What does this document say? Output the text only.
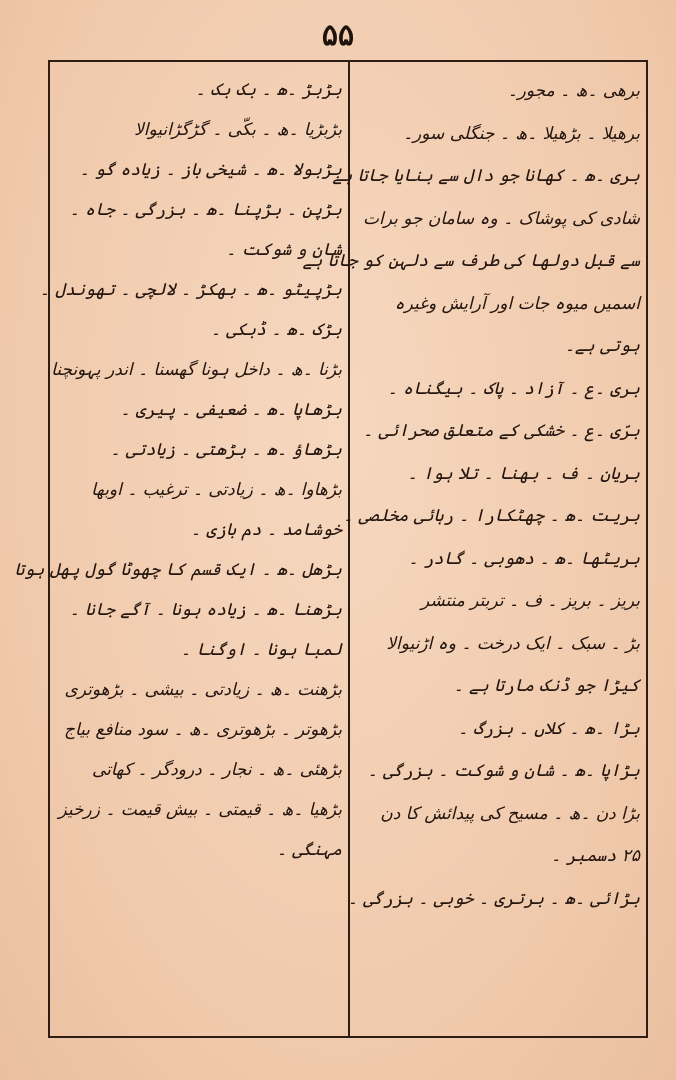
۵۵
برھی ۔ھ ۔ مجور۔
برھیلا ۔ بڑھیلا ۔ھ ۔ جنگلی سور۔
بری ۔ھ ۔ کھانا جو دال سے بنایا جاتا ہے
شادی کی پوشاک ۔ وہ سامان جو برات
سے قبل دولھا کی طرف سے دلہن کو جاتا ہے
اسمیں میوہ جات اور آرایش وغیرہ
ہوتی ہے۔
بری ۔ع ۔ آزاد ۔ پاک ۔ بیگناہ ۔
برّی ۔ع ۔ خشکی کے متعلق صحرائی ۔
بریان ۔ ف ۔ بھنا ۔ تلا ہوا ۔
بریت ۔ھ ۔ چھٹکارا ۔ رہائی مخلصی ۔
بریٹھا ۔ھ ۔ دھوبی ۔ گادر ۔
بریز ۔ بریز ۔ ف ۔ تربتر منتشر
بڑ ۔ سبک ۔ ایک درخت ۔ وہ اڑنیوالا
کیڑا جو ڈنک مارتا ہے ۔
بڑا ۔ھ ۔ کلاں ۔ بزرگ ۔
بڑاپا ۔ھ ۔ شان و شوکت ۔ بزرگی ۔
بڑا دن ۔ھ ۔ مسیح کی پیدائش کا دن
۲۵ دسمبر ۔
بڑائی ۔ھ ۔ برتری ۔ خوبی ۔ بزرگی ۔
بڑبڑ ۔ھ ۔ بک بک ۔
بڑبڑیا ۔ھ ۔ بکّی ۔ گڑگڑانیوالا
بڑبولا ۔ھ ۔ شیخی باز ۔ زیادہ گو ۔
بڑپن ۔ بڑپنا ۔ھ ۔ بزرگی ۔ جاہ ۔
شان و شوکت ۔
بڑپیٹو ۔ھ ۔ بھکڑ ۔ لالچی ۔ تھوندل ۔
بڑک ۔ھ ۔ ڈبکی ۔
بڑنا ۔ھ ۔ داخل ہونا گھسنا ۔ اندر پہونچنا
بڑھاپا ۔ھ ۔ ضعیفی ۔ پیری ۔
بڑھاؤ ۔ھ ۔ بڑھتی ۔ زیادتی ۔
بڑھاوا ۔ھ ۔ زیادتی ۔ ترغیب ۔ اوبھا
خوشامد ۔ دم بازی ۔
بڑھل ۔ھ ۔ ایک قسم کا چھوٹا گول پھل ہوتا
بڑھنا ۔ھ ۔ زیادہ ہونا ۔ آگے جانا ۔
لمبا ہونا ۔ اوگنا ۔
بڑھنت ۔ھ ۔ زیادتی ۔ بیشی ۔ بڑھوتری
بڑھوتر ۔ بڑھوتری ۔ھ ۔ سود منافع بیاج
بڑھئی ۔ھ ۔ نجار ۔ درودگر ۔ کھاتی
بڑھیا ۔ھ ۔ قیمتی ۔ بیش قیمت ۔ زرخیز
مہنگی ۔
